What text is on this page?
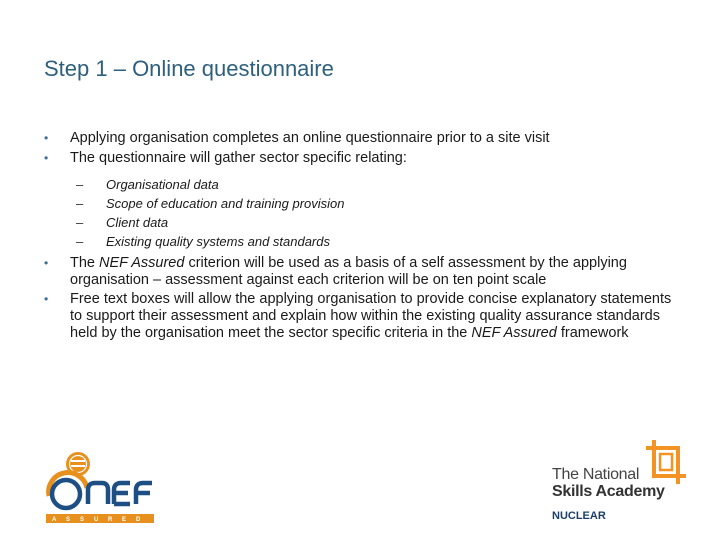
Step 1 – Online questionnaire

• Applying organisation completes an online questionnaire prior to a site visit

• The questionnaire will gather sector specific relating:

– Organisational data
– Scope of education and training provision
– Client data
– Existing quality systems and standards

• The NEF Assured criterion will be used as a basis of a self assessment by the applying organisation – assessment against each criterion will be on ten point scale

• Free text boxes will allow the applying organisation to provide concise explanatory statements to support their assessment and explain how within the existing quality assurance standards held by the organisation meet the sector specific criteria in the NEF Assured framework

A S S U R E D
The National
Skills Academy
NUCLEAR
